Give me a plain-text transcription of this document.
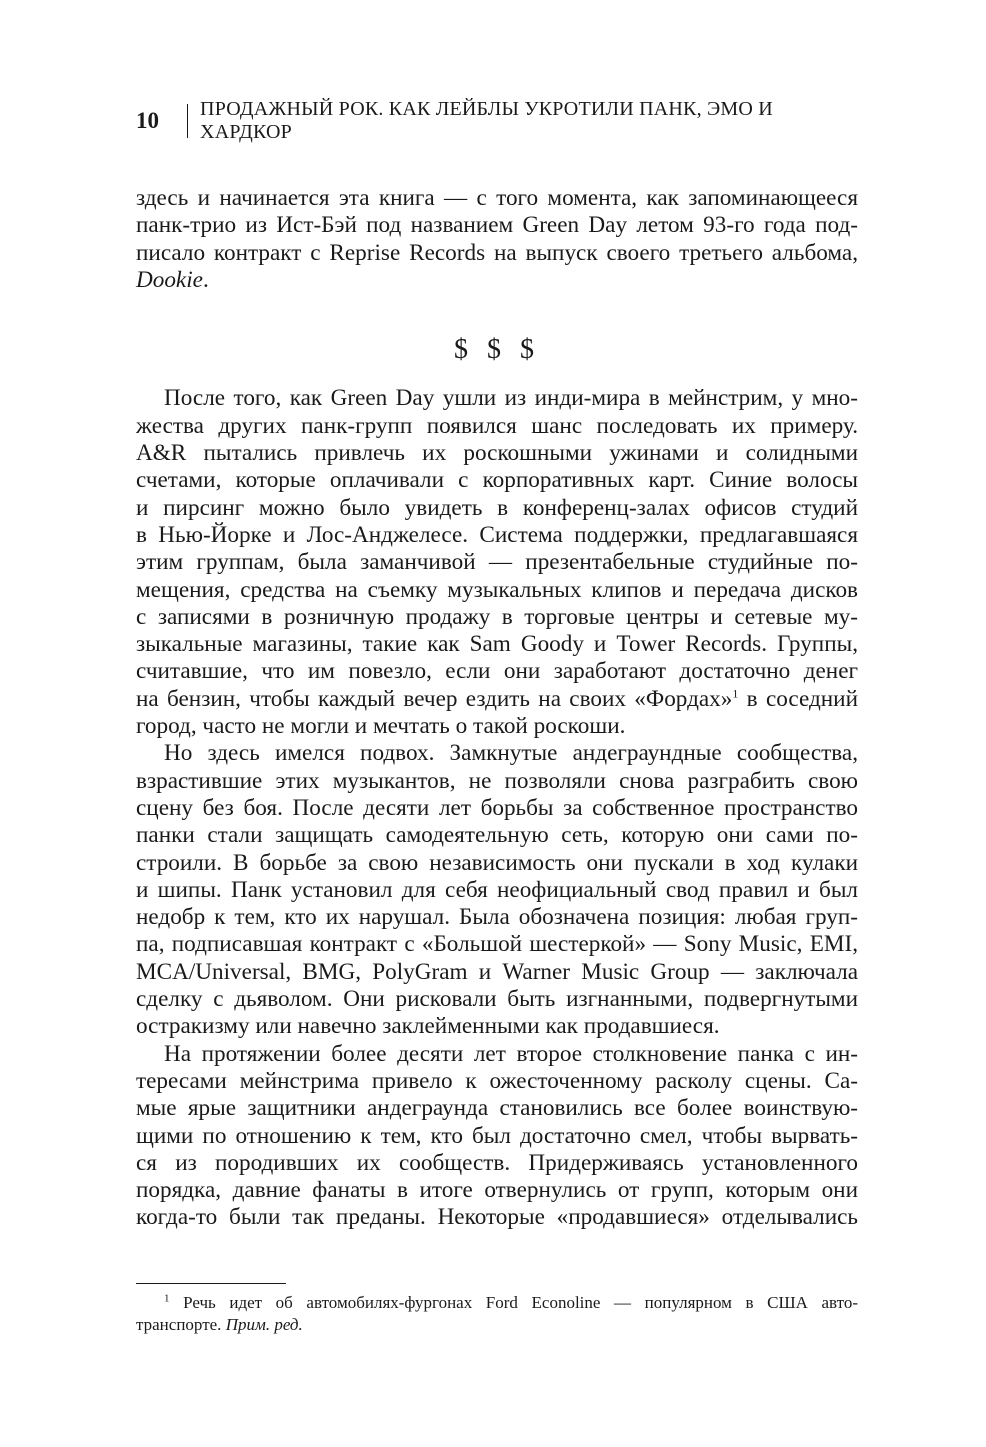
10	ПРОДАЖНЫЙ РОК. КАК ЛЕЙБЛЫ УКРОТИЛИ ПАНК, ЭМО И ХАРДКОР

здесь и начинается эта книга — с того момента, как запоминающееся
панк-трио из Ист-Бэй под названием Green Day летом 93-го года под-
писало контракт с Reprise Records на выпуск своего третьего альбома,
Dookie.

$ $ $

После того, как Green Day ушли из инди-мира в мейнстрим, у мно-
жества других панк-групп появился шанс последовать их примеру.
A&R пытались привлечь их роскошными ужинами и солидными
счетами, которые оплачивали с корпоративных карт. Синие волосы
и пирсинг можно было увидеть в конференц-залах офисов студий
в Нью-Йорке и Лос-Анджелесе. Система поддержки, предлагавшаяся
этим группам, была заманчивой — презентабельные студийные по-
мещения, средства на съемку музыкальных клипов и передача дисков
с записями в розничную продажу в торговые центры и сетевые му-
зыкальные магазины, такие как Sam Goody и Tower Records. Группы,
считавшие, что им повезло, если они заработают достаточно денег
на бензин, чтобы каждый вечер ездить на своих «Фордах»$^1$ в соседний
город, часто не могли и мечтать о такой роскоши.

Но здесь имелся подвох. Замкнутые андеграундные сообщества,
взрастившие этих музыкантов, не позволяли снова разграбить свою
сцену без боя. После десяти лет борьбы за собственное пространство
панки стали защищать самодеятельную сеть, которую они сами по-
строили. В борьбе за свою независимость они пускали в ход кулаки
и шипы. Панк установил для себя неофициальный свод правил и был
недобр к тем, кто их нарушал. Была обозначена позиция: любая груп-
па, подписавшая контракт с «Большой шестеркой» — Sony Music, EMI,
MCA/Universal, BMG, PolyGram и Warner Music Group — заключала
сделку с дьяволом. Они рисковали быть изгнанными, подвергнутыми
остракизму или навечно заклейменными как продавшиеся.

На протяжении более десяти лет второе столкновение панка с ин-
тересами мейнстрима привело к ожесточенному расколу сцены. Са-
мые ярые защитники андеграунда становились все более воинствую-
щими по отношению к тем, кто был достаточно смел, чтобы вырвать-
ся из породивших их сообществ. Придерживаясь установленного
порядка, давние фанаты в итоге отвернулись от групп, которым они
когда-то были так преданы. Некоторые «продавшиеся» отделывались

$^1$ Речь идет об автомобилях-фургонах Ford Econoline — популярном в США авто-
транспорте. Прим. ред.
